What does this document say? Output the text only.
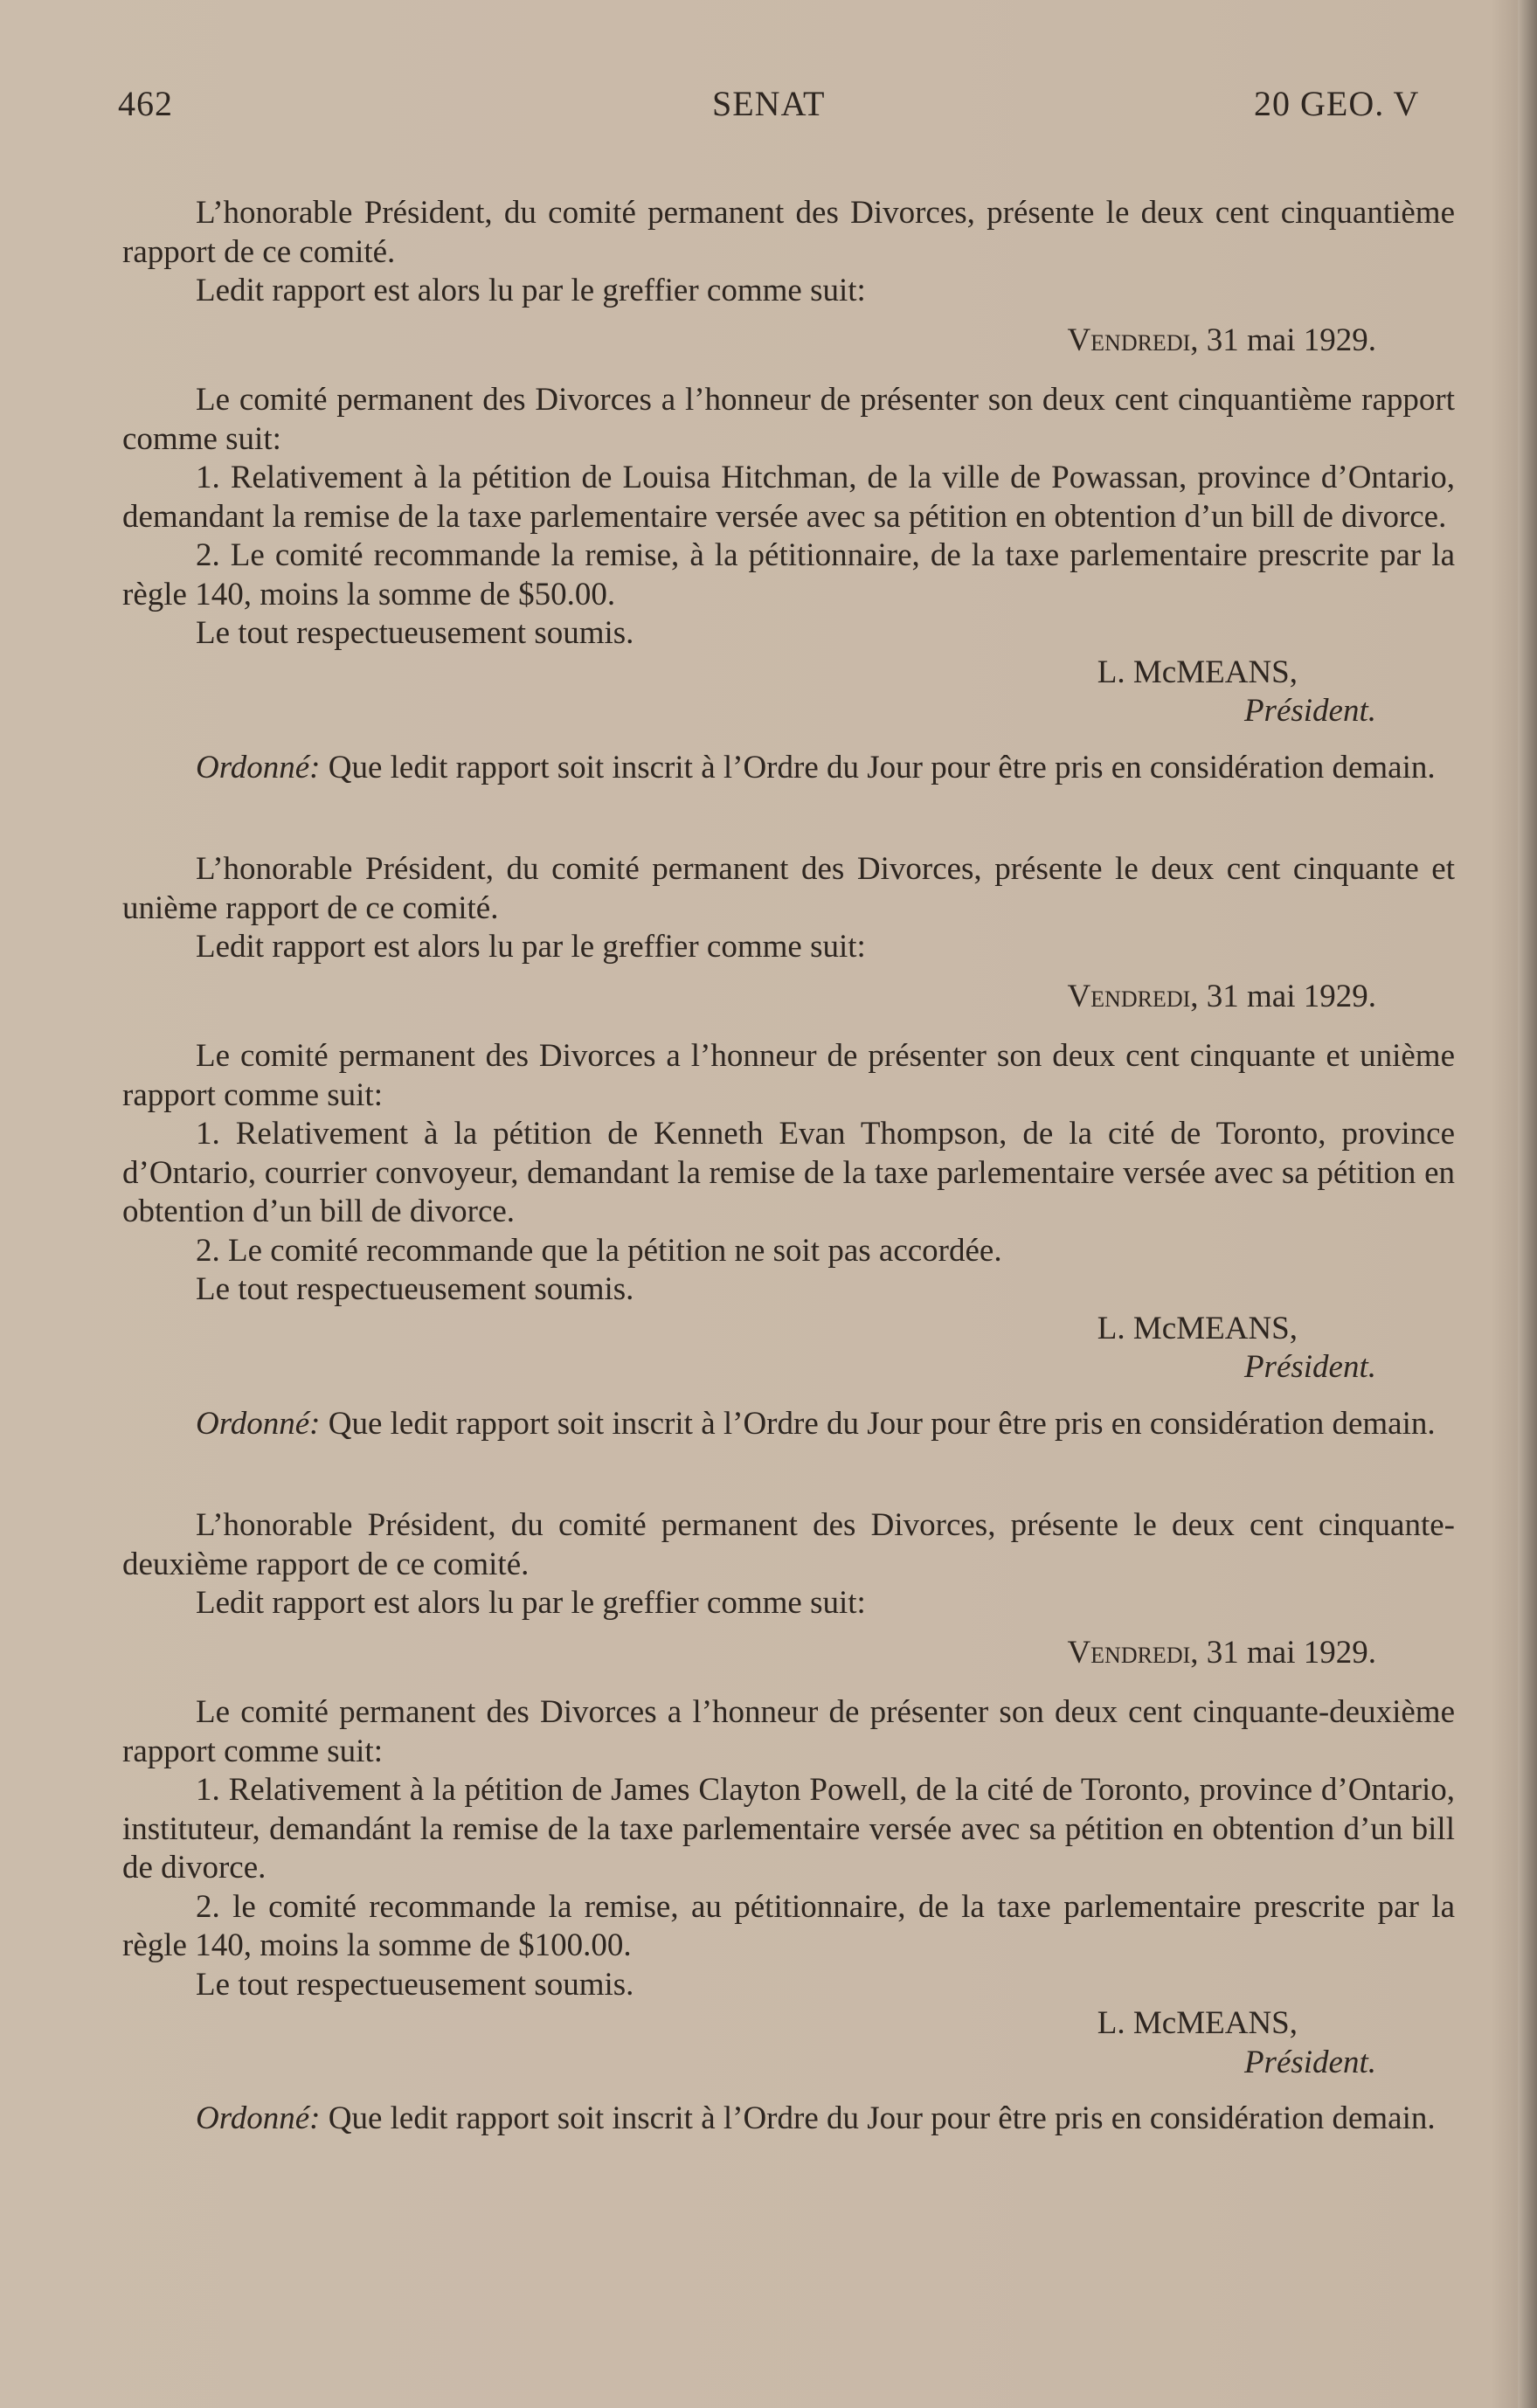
462	SENAT	20 GEO. V

L’honorable Président, du comité permanent des Divorces, présente le deux cent cinquantième rapport de ce comité.

Ledit rapport est alors lu par le greffier comme suit:

Vendredi, 31 mai 1929.

Le comité permanent des Divorces a l’honneur de présenter son deux cent cinquantième rapport comme suit:

1. Relativement à la pétition de Louisa Hitchman, de la ville de Powassan, province d’Ontario, demandant la remise de la taxe parlementaire versée avec sa pétition en obtention d’un bill de divorce.

2. Le comité recommande la remise, à la pétitionnaire, de la taxe parlementaire prescrite par la règle 140, moins la somme de $50.00.

Le tout respectueusement soumis.

L. McMEANS,

Président.

Ordonné: Que ledit rapport soit inscrit à l’Ordre du Jour pour être pris en considération demain.

L’honorable Président, du comité permanent des Divorces, présente le deux cent cinquante et unième rapport de ce comité.

Ledit rapport est alors lu par le greffier comme suit:

Vendredi, 31 mai 1929.

Le comité permanent des Divorces a l’honneur de présenter son deux cent cinquante et unième rapport comme suit:

1. Relativement à la pétition de Kenneth Evan Thompson, de la cité de Toronto, province d’Ontario, courrier convoyeur, demandant la remise de la taxe parlementaire versée avec sa pétition en obtention d’un bill de divorce.

2. Le comité recommande que la pétition ne soit pas accordée.

Le tout respectueusement soumis.

L. McMEANS,

Président.

Ordonné: Que ledit rapport soit inscrit à l’Ordre du Jour pour être pris en considération demain.

L’honorable Président, du comité permanent des Divorces, présente le deux cent cinquante-deuxième rapport de ce comité.

Ledit rapport est alors lu par le greffier comme suit:

Vendredi, 31 mai 1929.

Le comité permanent des Divorces a l’honneur de présenter son deux cent cinquante-deuxième rapport comme suit:

1. Relativement à la pétition de James Clayton Powell, de la cité de Toronto, province d’Ontario, instituteur, demandánt la remise de la taxe parlementaire versée avec sa pétition en obtention d’un bill de divorce.

2. le comité recommande la remise, au pétitionnaire, de la taxe parlementaire prescrite par la règle 140, moins la somme de $100.00.

Le tout respectueusement soumis.

L. McMEANS,

Président.

Ordonné: Que ledit rapport soit inscrit à l’Ordre du Jour pour être pris en considération demain.
